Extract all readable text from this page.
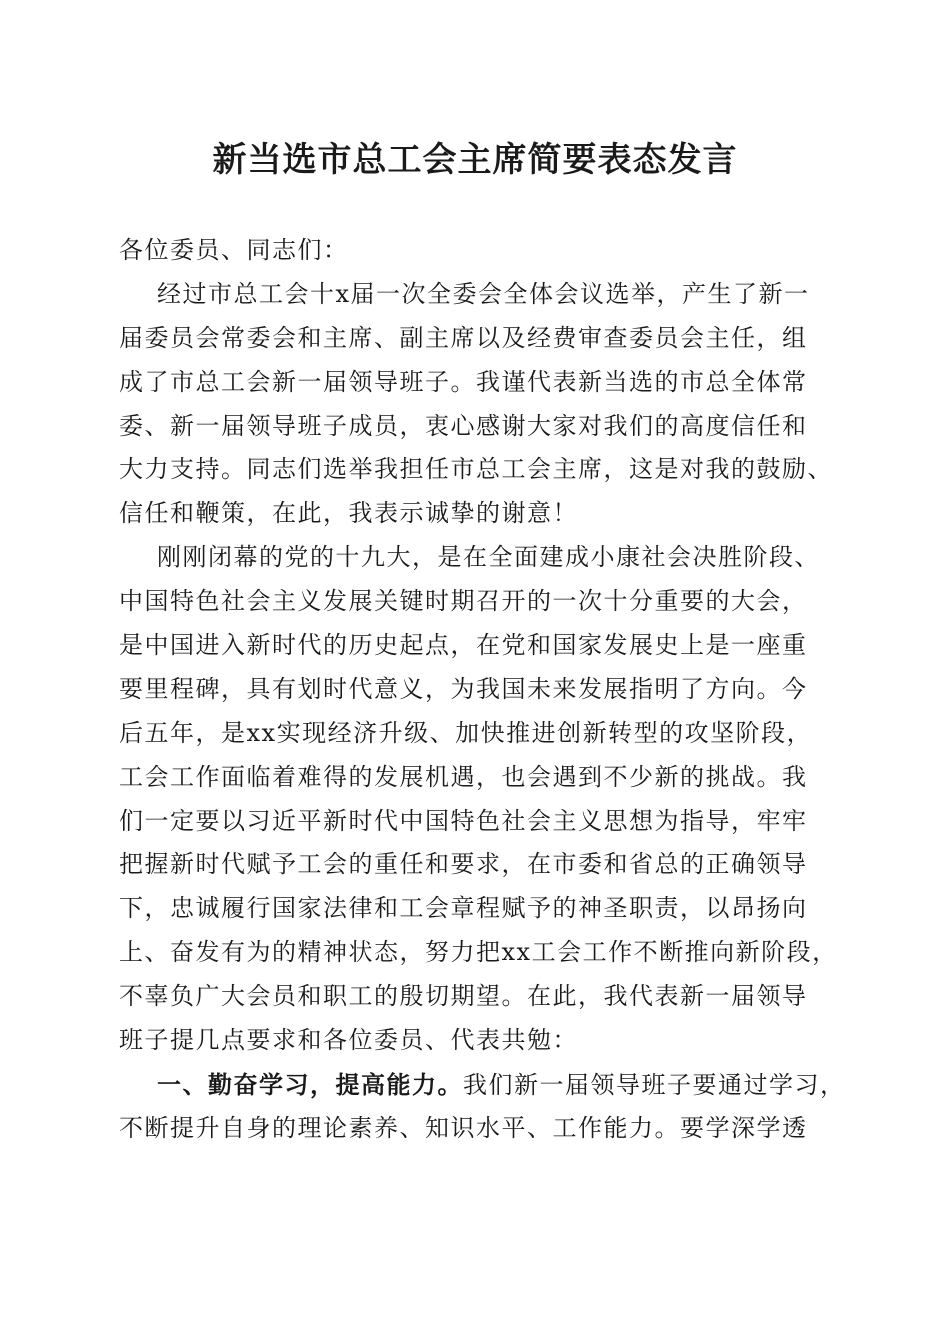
新当选市总工会主席简要表态发言
各位委员、同志们：
经过市总工会十x届一次全委会全体会议选举，产生了新一
届委员会常委会和主席、副主席以及经费审查委员会主任，组
成了市总工会新一届领导班子。我谨代表新当选的市总全体常
委、新一届领导班子成员，衷心感谢大家对我们的高度信任和
大力支持。同志们选举我担任市总工会主席，这是对我的鼓励、
信任和鞭策，在此，我表示诚挚的谢意！
刚刚闭幕的党的十九大，是在全面建成小康社会决胜阶段、
中国特色社会主义发展关键时期召开的一次十分重要的大会，
是中国进入新时代的历史起点，在党和国家发展史上是一座重
要里程碑，具有划时代意义，为我国未来发展指明了方向。今
后五年，是xx实现经济升级、加快推进创新转型的攻坚阶段，
工会工作面临着难得的发展机遇，也会遇到不少新的挑战。我
们一定要以习近平新时代中国特色社会主义思想为指导，牢牢
把握新时代赋予工会的重任和要求，在市委和省总的正确领导
下，忠诚履行国家法律和工会章程赋予的神圣职责，以昂扬向
上、奋发有为的精神状态，努力把xx工会工作不断推向新阶段，
不辜负广大会员和职工的殷切期望。在此，我代表新一届领导
班子提几点要求和各位委员、代表共勉：
一、勤奋学习，提高能力。我们新一届领导班子要通过学习，
不断提升自身的理论素养、知识水平、工作能力。要学深学透
